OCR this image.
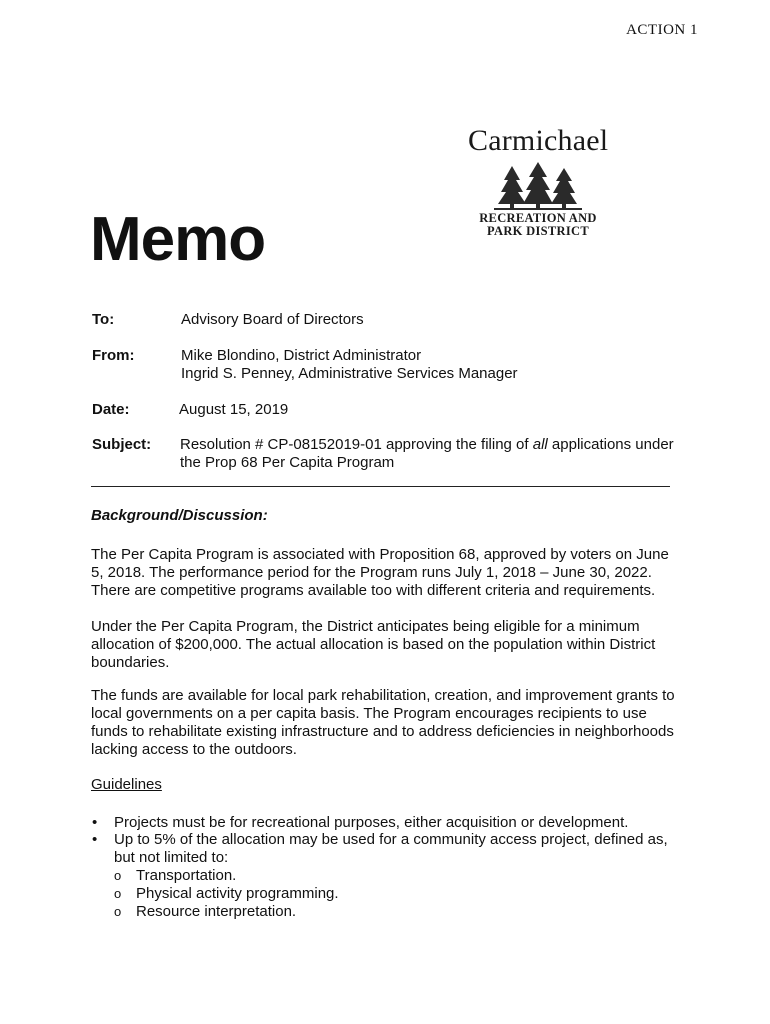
ACTION 1
Carmichael
RECREATION AND
PARK DISTRICT
Memo
To:	Advisory Board of Directors
From:	Mike Blondino, District Administrator
Ingrid S. Penney, Administrative Services Manager
Date:	August 15, 2019
Subject: Resolution # CP-08152019-01 approving the filing of all applications under
the Prop 68 Per Capita Program
Background/Discussion:
The Per Capita Program is associated with Proposition 68, approved by voters on June
5, 2018. The performance period for the Program runs July 1, 2018 – June 30, 2022.
There are competitive programs available too with different criteria and requirements.
Under the Per Capita Program, the District anticipates being eligible for a minimum
allocation of $200,000. The actual allocation is based on the population within District
boundaries.
The funds are available for local park rehabilitation, creation, and improvement grants to
local governments on a per capita basis. The Program encourages recipients to use
funds to rehabilitate existing infrastructure and to address deficiencies in neighborhoods
lacking access to the outdoors.
Guidelines
• Projects must be for recreational purposes, either acquisition or development.
• Up to 5% of the allocation may be used for a community access project, defined as,
but not limited to:
o Transportation.
o Physical activity programming.
o Resource interpretation.
